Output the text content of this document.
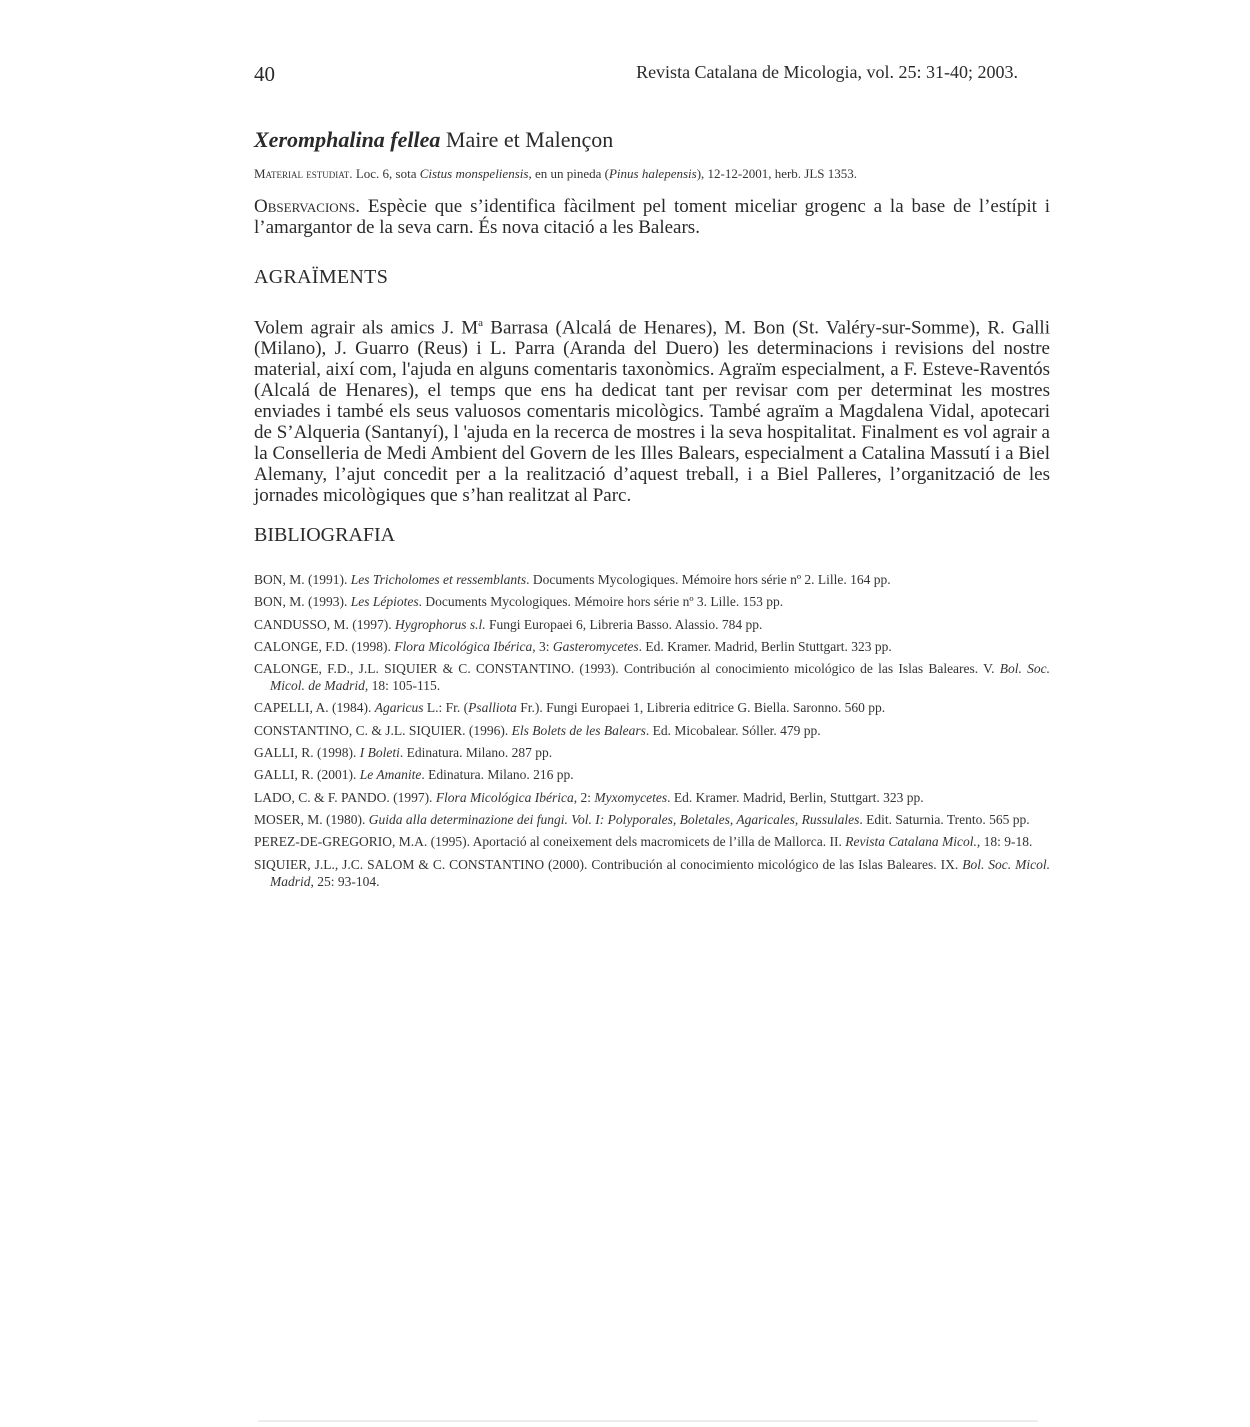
40	Revista Catalana de Micologia, vol. 25: 31-40; 2003.
Xeromphalina fellea Maire et Malençon
Material estudiat. Loc. 6, sota Cistus monspeliensis, en un pineda (Pinus halepensis), 12-12-2001, herb. JLS 1353.
Observacions. Espècie que s’identifica fàcilment pel toment miceliar grogenc a la base de l’estípit i l’amargantor de la seva carn. És nova citació a les Balears.
AGRAÏMENTS
Volem agrair als amics J. $M^a$ Barrasa (Alcalá de Henares), M. Bon (St. Valéry-sur-Somme), R. Galli (Milano), J. Guarro (Reus) i L. Parra (Aranda del Duero) les determinacions i revisions del nostre material, així com, l'ajuda en alguns comentaris taxonòmics. Agraïm especialment, a F. Esteve-Raventós (Alcalá de Henares), el temps que ens ha dedicat tant per revisar com per determinat les mostres enviades i també els seus valuosos comentaris micològics. També agraïm a Magdalena Vidal, apotecari de S’Alqueria (Santanyí), l 'ajuda en la recerca de mostres i la seva hospitalitat. Finalment es vol agrair a la Conselleria de Medi Ambient del Govern de les Illes Balears, especialment a Catalina Massutí i a Biel Alemany, l’ajut concedit per a la realització d’aquest treball, i a Biel Palleres, l’organització de les jornades micològiques que s’han realitzat al Parc.
BIBLIOGRAFIA
BON, M. (1991). Les Tricholomes et ressemblants. Documents Mycologiques. Mémoire hors série nº 2. Lille. 164 pp.
BON, M. (1993). Les Lépiotes. Documents Mycologiques. Mémoire hors série nº 3. Lille. 153 pp.
CANDUSSO, M. (1997). Hygrophorus s.l. Fungi Europaei 6, Libreria Basso. Alassio. 784 pp.
CALONGE, F.D. (1998). Flora Micológica Ibérica, 3: Gasteromycetes. Ed. Kramer. Madrid, Berlin Stuttgart. 323 pp.
CALONGE, F.D., J.L. SIQUIER & C. CONSTANTINO. (1993). Contribución al conocimiento micológico de las Islas Baleares. V. Bol. Soc. Micol. de Madrid, 18: 105-115.
CAPELLI, A. (1984). Agaricus L.: Fr. (Psalliota Fr.). Fungi Europaei 1, Libreria editrice G. Biella. Saronno. 560 pp.
CONSTANTINO, C. & J.L. SIQUIER. (1996). Els Bolets de les Balears. Ed. Micobalear. Sóller. 479 pp.
GALLI, R. (1998). I Boleti. Edinatura. Milano. 287 pp.
GALLI, R. (2001). Le Amanite. Edinatura. Milano. 216 pp.
LADO, C. & F. PANDO. (1997). Flora Micológica Ibérica, 2: Myxomycetes. Ed. Kramer. Madrid, Berlin, Stuttgart. 323 pp.
MOSER, M. (1980). Guida alla determinazione dei fungi. Vol. I: Polyporales, Boletales, Agaricales, Russulales. Edit. Saturnia. Trento. 565 pp.
PEREZ-DE-GREGORIO, M.A. (1995). Aportació al coneixement dels macromicets de l’illa de Mallorca. II. Revista Catalana Micol., 18: 9-18.
SIQUIER, J.L., J.C. SALOM & C. CONSTANTINO (2000). Contribución al conocimiento micológico de las Islas Baleares. IX. Bol. Soc. Micol. Madrid, 25: 93-104.
